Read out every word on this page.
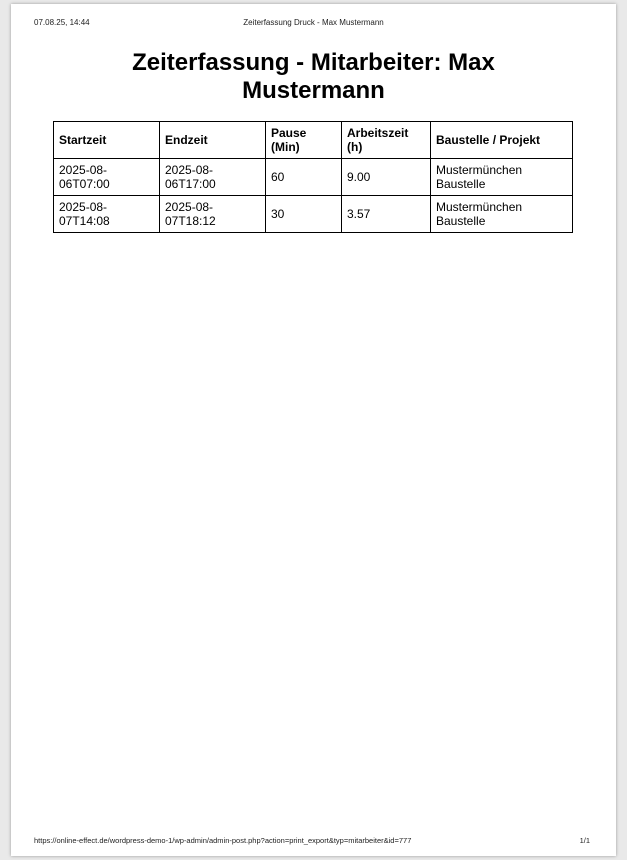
07.08.25, 14:44	Zeiterfassung Druck - Max Mustermann
Zeiterfassung - Mitarbeiter: Max Mustermann
Startzeit	Endzeit	Pause (Min)	Arbeitszeit (h)	Baustelle / Projekt
2025-08-06T07:00	2025-08-06T17:00	60	9.00	Mustermünchen Baustelle
2025-08-07T14:08	2025-08-07T18:12	30	3.57	Mustermünchen Baustelle
https://online-effect.de/wordpress-demo-1/wp-admin/admin-post.php?action=print_export&typ=mitarbeiter&id=777	1/1
